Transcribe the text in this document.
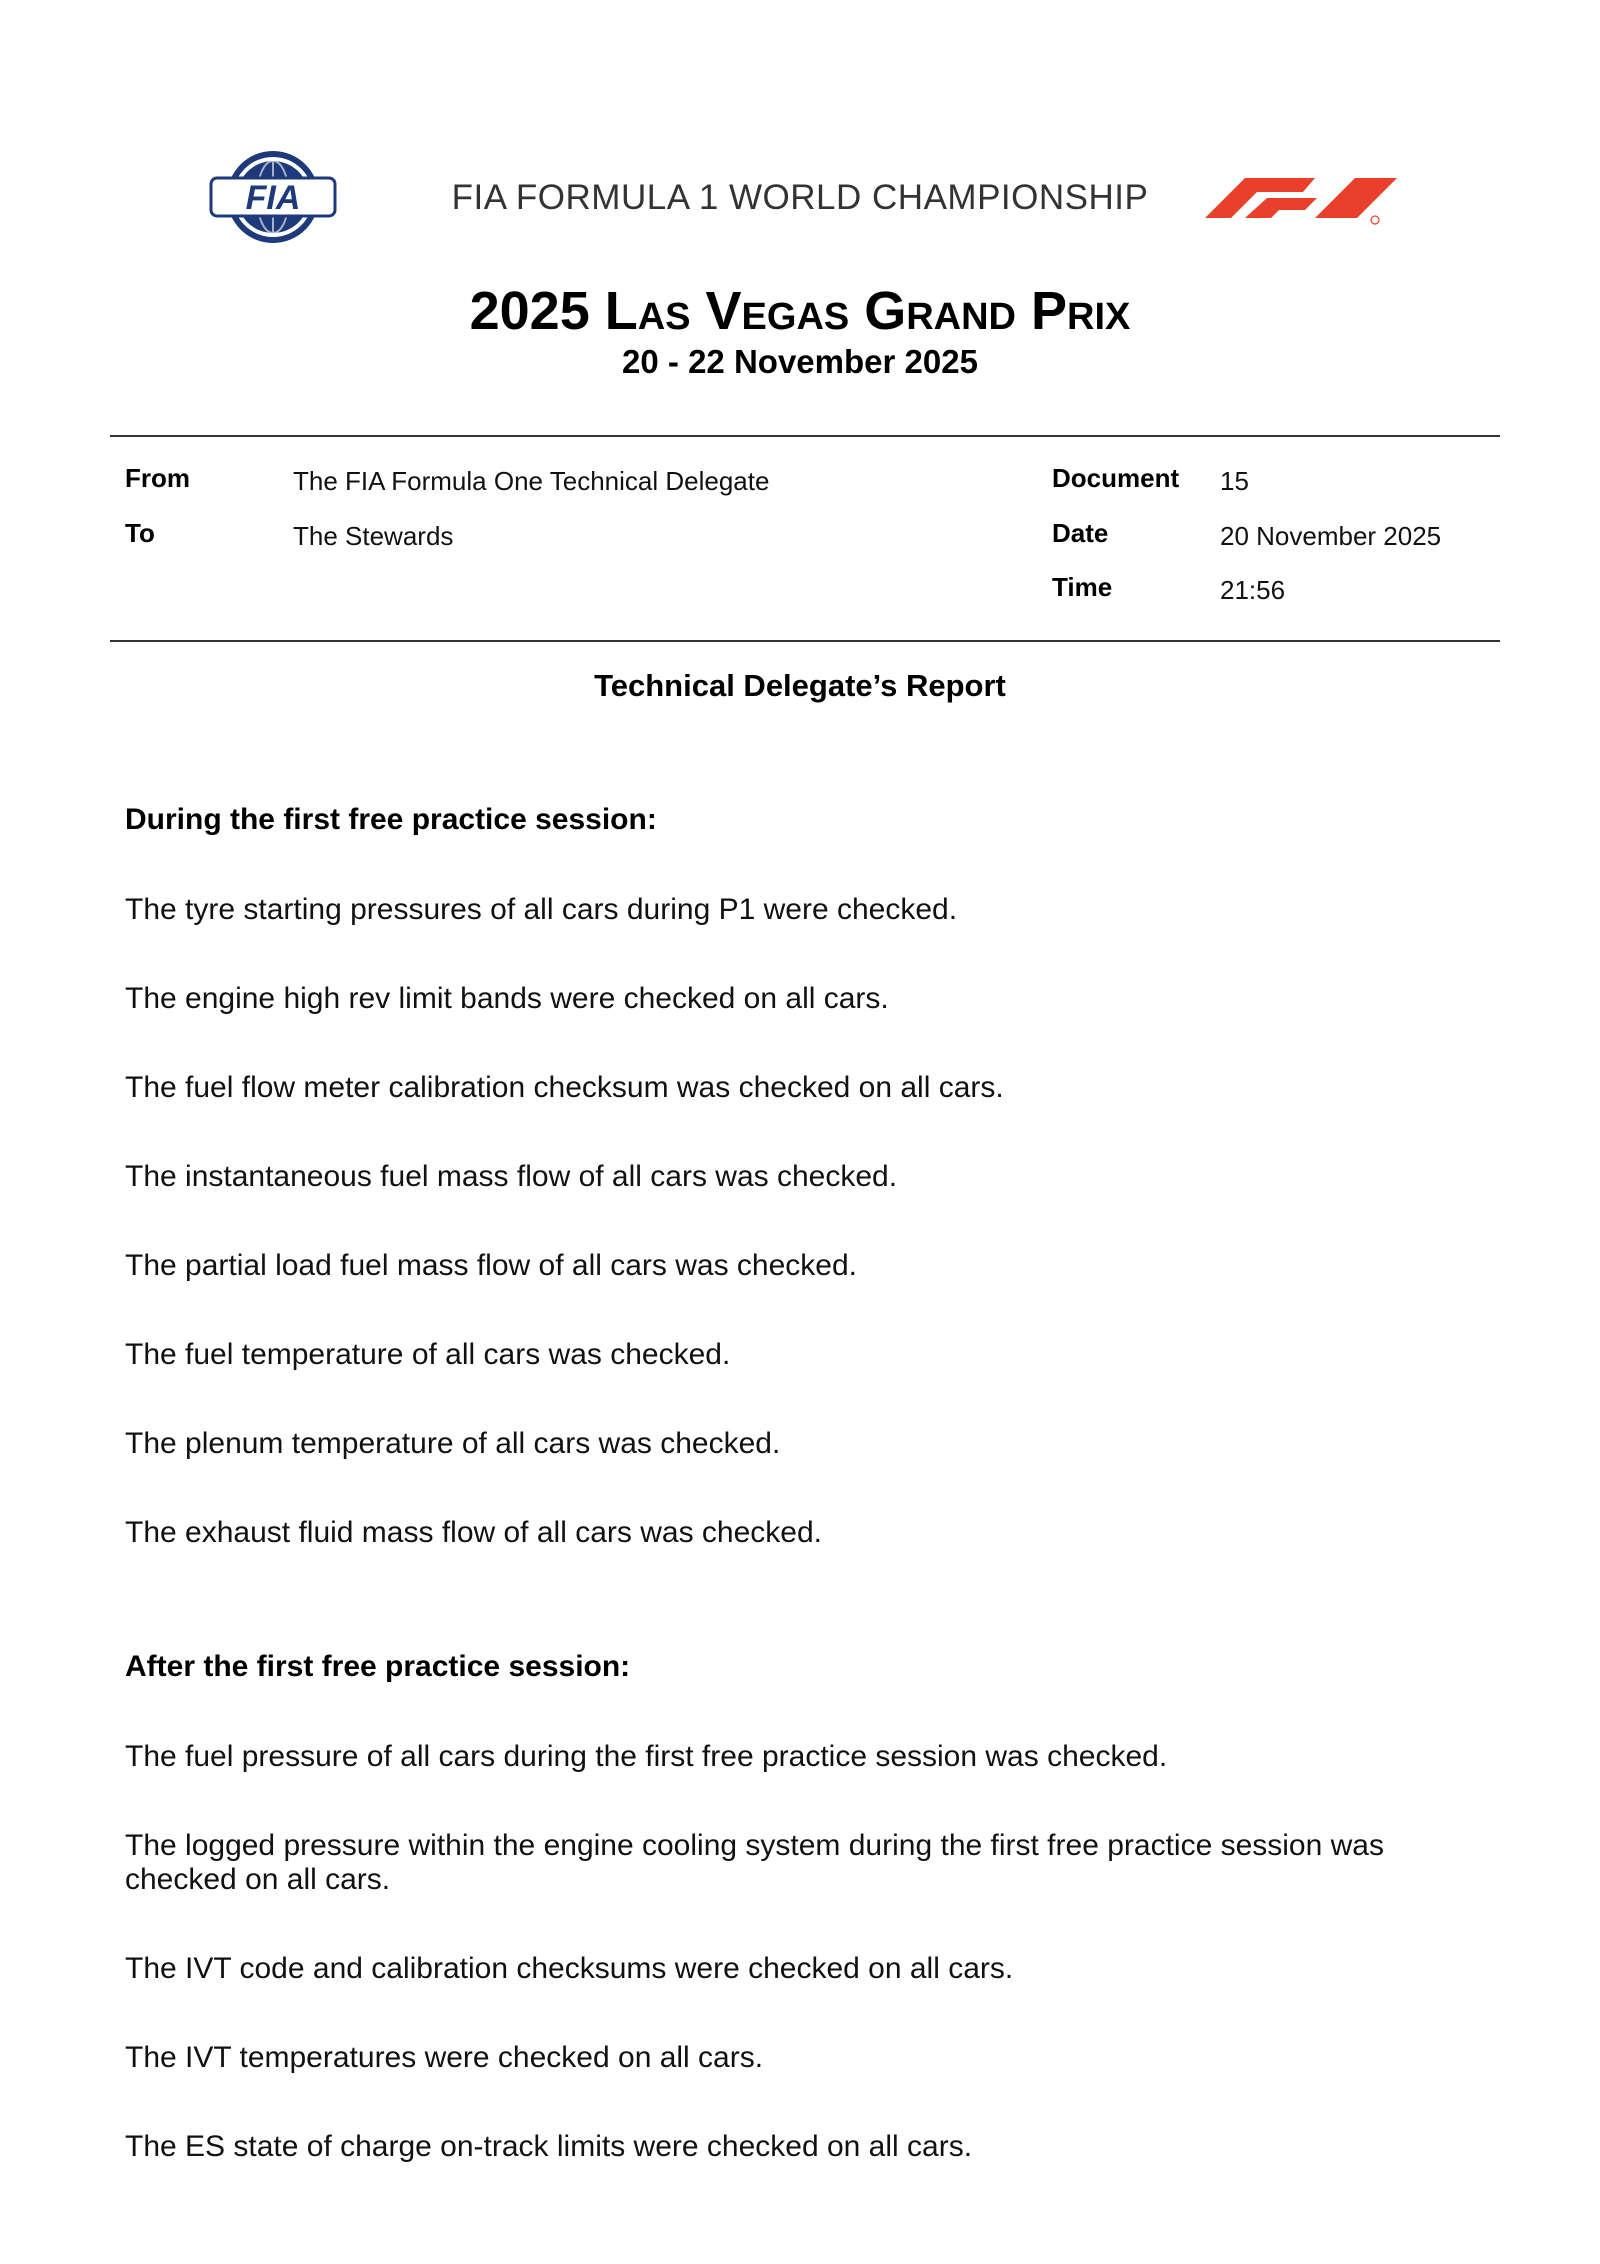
FIA	FIA FORMULA 1 WORLD CHAMPIONSHIP
2025 Las Vegas Grand Prix
20 - 22 November 2025
From	The FIA Formula One Technical Delegate
To	The Stewards
Document 15
Date	20 November 2025
Time	21:56
Technical Delegate’s Report
During the first free practice session:
The tyre starting pressures of all cars during P1 were checked.
The engine high rev limit bands were checked on all cars.
The fuel flow meter calibration checksum was checked on all cars.
The instantaneous fuel mass flow of all cars was checked.
The partial load fuel mass flow of all cars was checked.
The fuel temperature of all cars was checked.
The plenum temperature of all cars was checked.
The exhaust fluid mass flow of all cars was checked.
After the first free practice session:
The fuel pressure of all cars during the first free practice session was checked.
The logged pressure within the engine cooling system during the first free practice session was checked on all cars.
The IVT code and calibration checksums were checked on all cars.
The IVT temperatures were checked on all cars.
The ES state of charge on-track limits were checked on all cars.
